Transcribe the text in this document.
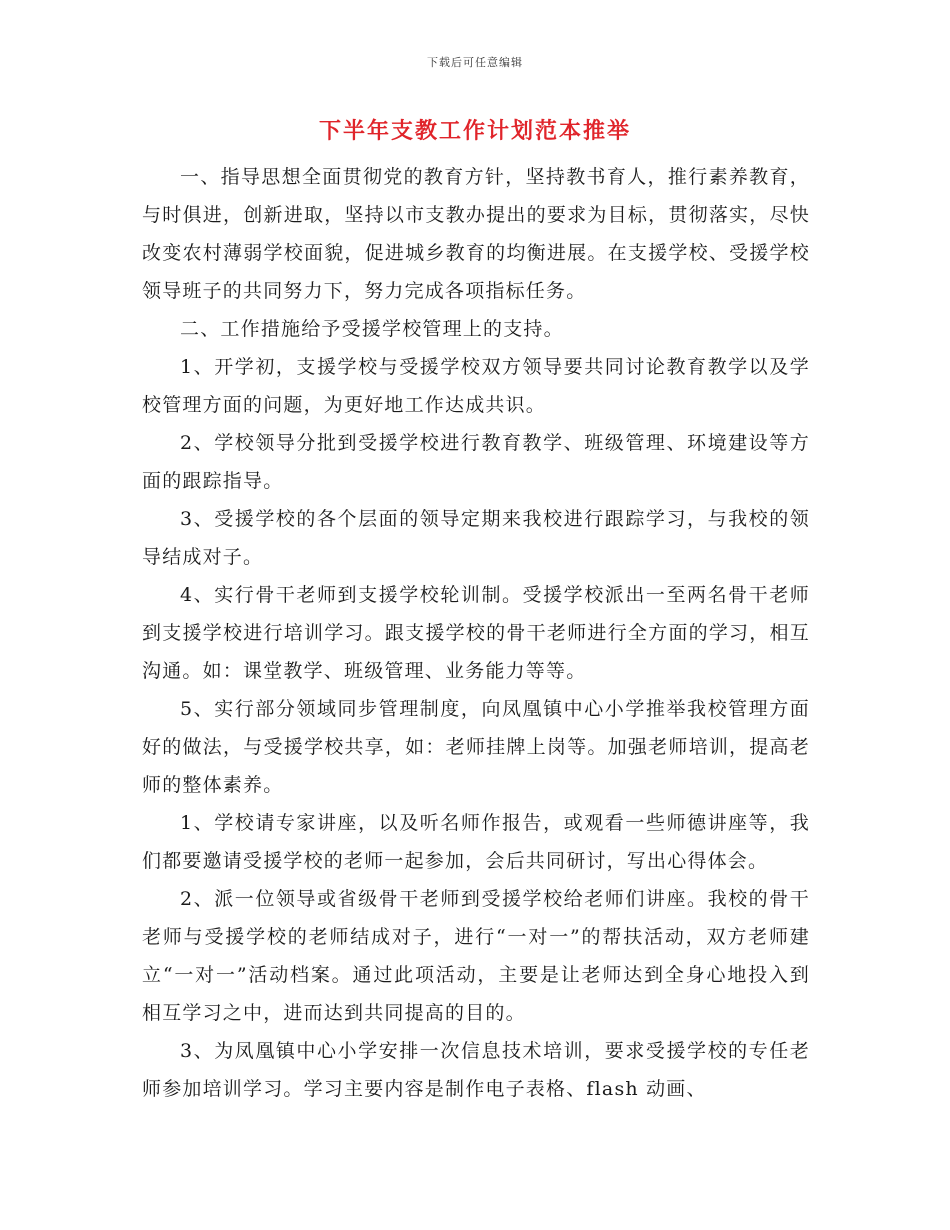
下载后可任意编辑
下半年支教工作计划范本推举

一、指导思想全面贯彻党的教育方针，坚持教书育人，推行素养教育，与时俱进，创新进取，坚持以市支教办提出的要求为目标，贯彻落实，尽快改变农村薄弱学校面貌，促进城乡教育的均衡进展。在支援学校、受援学校领导班子的共同努力下，努力完成各项指标任务。

二、工作措施给予受援学校管理上的支持。

1、开学初，支援学校与受援学校双方领导要共同讨论教育教学以及学校管理方面的问题，为更好地工作达成共识。

2、学校领导分批到受援学校进行教育教学、班级管理、环境建设等方面的跟踪指导。

3、受援学校的各个层面的领导定期来我校进行跟踪学习，与我校的领导结成对子。

4、实行骨干老师到支援学校轮训制。受援学校派出一至两名骨干老师到支援学校进行培训学习。跟支援学校的骨干老师进行全方面的学习，相互沟通。如：课堂教学、班级管理、业务能力等等。

5、实行部分领域同步管理制度，向凤凰镇中心小学推举我校管理方面好的做法，与受援学校共享，如：老师挂牌上岗等。加强老师培训，提高老师的整体素养。

1、学校请专家讲座，以及听名师作报告，或观看一些师德讲座等，我们都要邀请受援学校的老师一起参加，会后共同研讨，写出心得体会。

2、派一位领导或省级骨干老师到受援学校给老师们讲座。我校的骨干老师与受援学校的老师结成对子，进行“一对一”的帮扶活动，双方老师建立“一对一”活动档案。通过此项活动，主要是让老师达到全身心地投入到相互学习之中，进而达到共同提高的目的。

3、为凤凰镇中心小学安排一次信息技术培训，要求受援学校的专任老师参加培训学习。学习主要内容是制作电子表格、flash 动画、
